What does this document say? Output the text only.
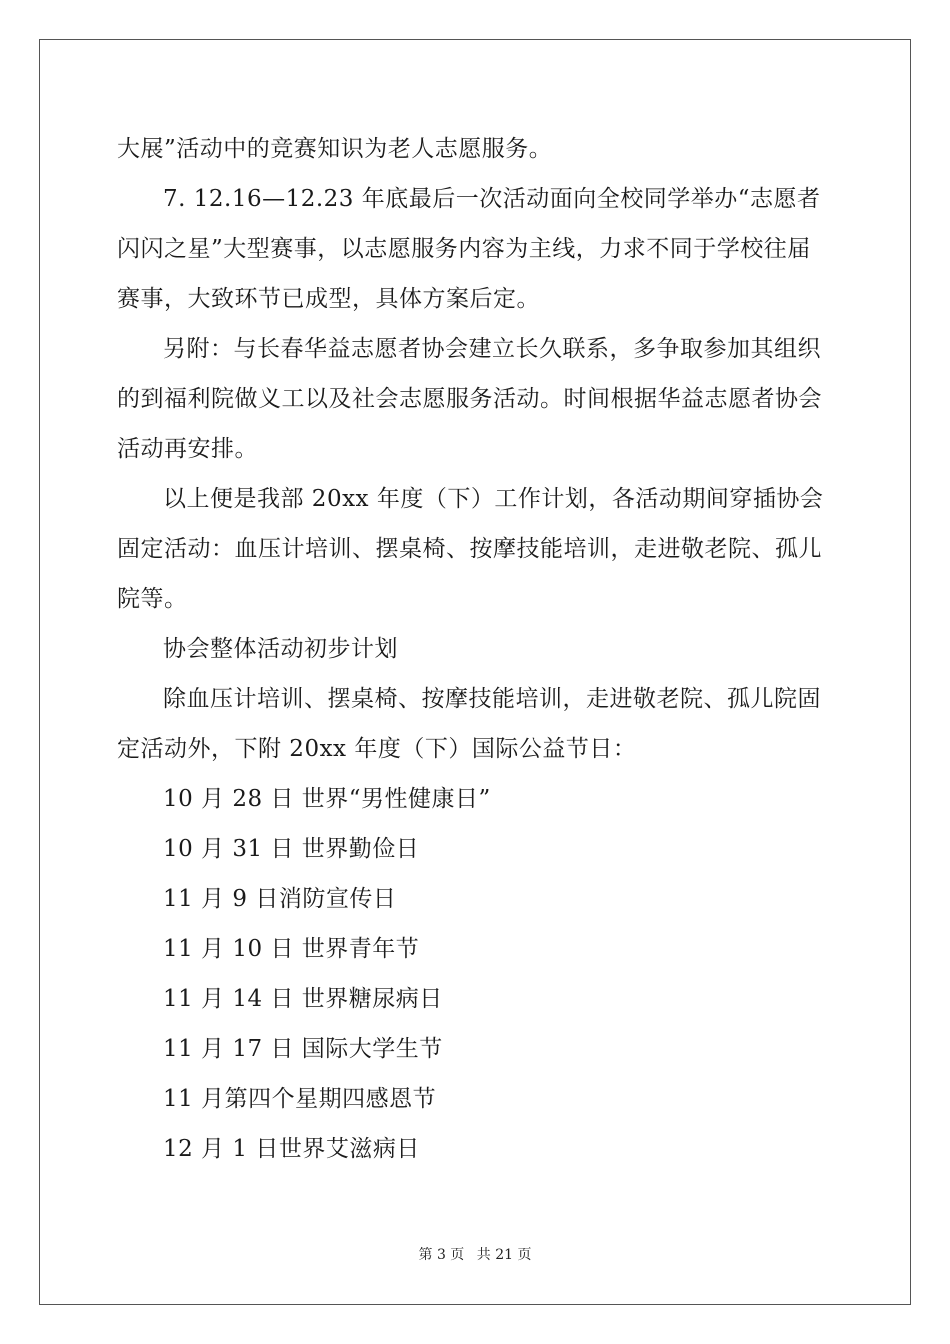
大展”活动中的竞赛知识为老人志愿服务。
7. 12.16—12.23 年底最后一次活动面向全校同学举办“志愿者
闪闪之星”大型赛事，以志愿服务内容为主线，力求不同于学校往届
赛事，大致环节已成型，具体方案后定。
另附：与长春华益志愿者协会建立长久联系，多争取参加其组织
的到福利院做义工以及社会志愿服务活动。时间根据华益志愿者协会
活动再安排。
以上便是我部 20xx 年度（下）工作计划，各活动期间穿插协会
固定活动：血压计培训、摆桌椅、按摩技能培训，走进敬老院、孤儿
院等。
协会整体活动初步计划
除血压计培训、摆桌椅、按摩技能培训，走进敬老院、孤儿院固
定活动外，下附 20xx 年度（下）国际公益节日：
10 月 28 日 世界“男性健康日”
10 月 31 日 世界勤俭日
11 月 9 日消防宣传日
11 月 10 日 世界青年节
11 月 14 日 世界糖尿病日
11 月 17 日 国际大学生节
11 月第四个星期四感恩节
12 月 1 日世界艾滋病日
第 3 页 共 21 页
